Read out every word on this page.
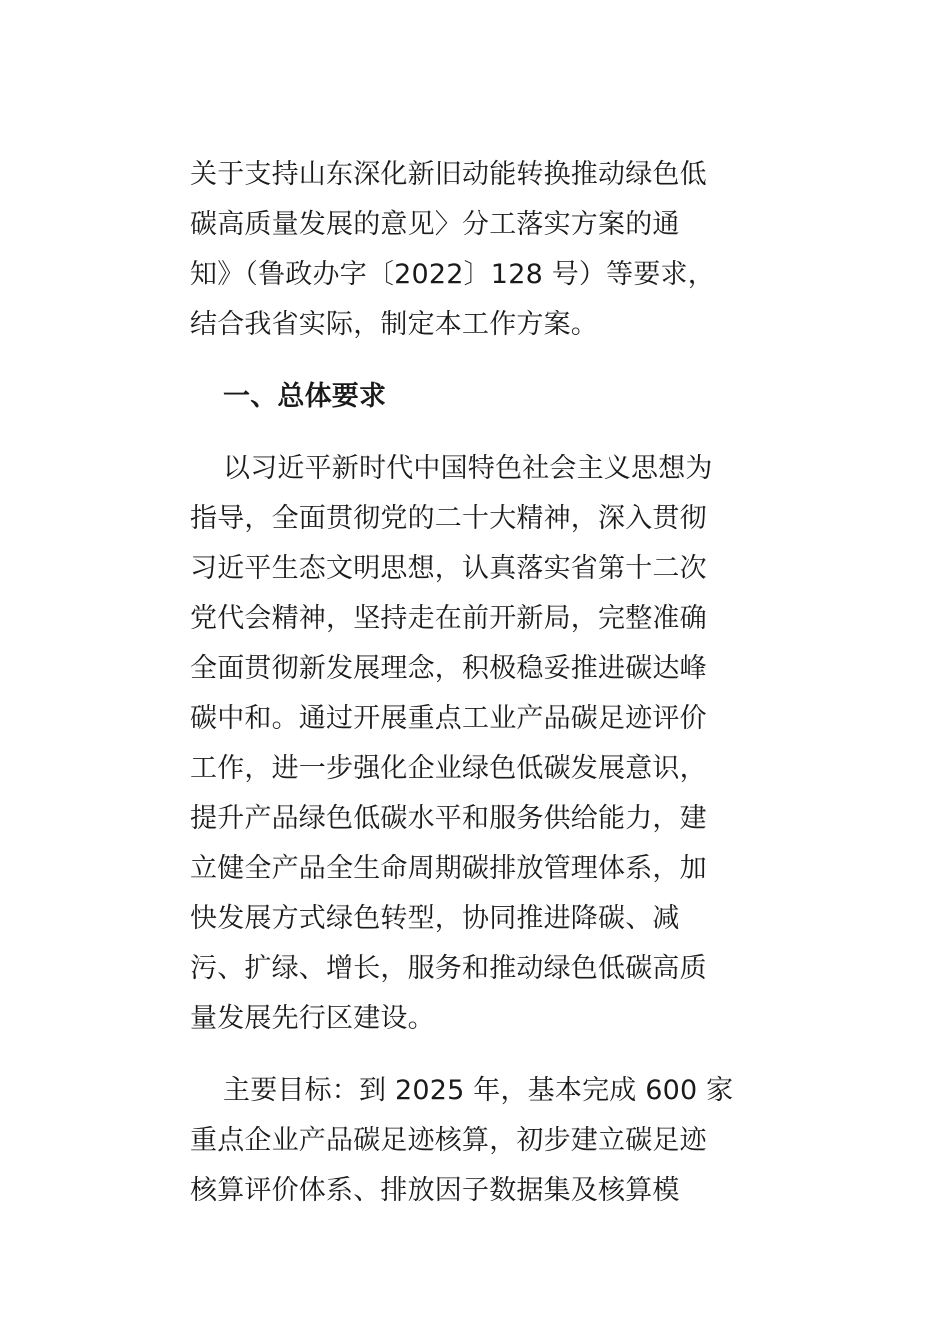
关于支持山东深化新旧动能转换推动绿色低
碳高质量发展的意见〉分工落实方案的通
知》（鲁政办字〔2022〕128 号）等要求，
结合我省实际，制定本工作方案。
一、总体要求
以习近平新时代中国特色社会主义思想为
指导，全面贯彻党的二十大精神，深入贯彻
习近平生态文明思想，认真落实省第十二次
党代会精神，坚持走在前开新局，完整准确
全面贯彻新发展理念，积极稳妥推进碳达峰
碳中和。通过开展重点工业产品碳足迹评价
工作，进一步强化企业绿色低碳发展意识，
提升产品绿色低碳水平和服务供给能力，建
立健全产品全生命周期碳排放管理体系，加
快发展方式绿色转型，协同推进降碳、减
污、扩绿、增长，服务和推动绿色低碳高质
量发展先行区建设。
主要目标：到 2025 年，基本完成 600 家
重点企业产品碳足迹核算，初步建立碳足迹
核算评价体系、排放因子数据集及核算模
